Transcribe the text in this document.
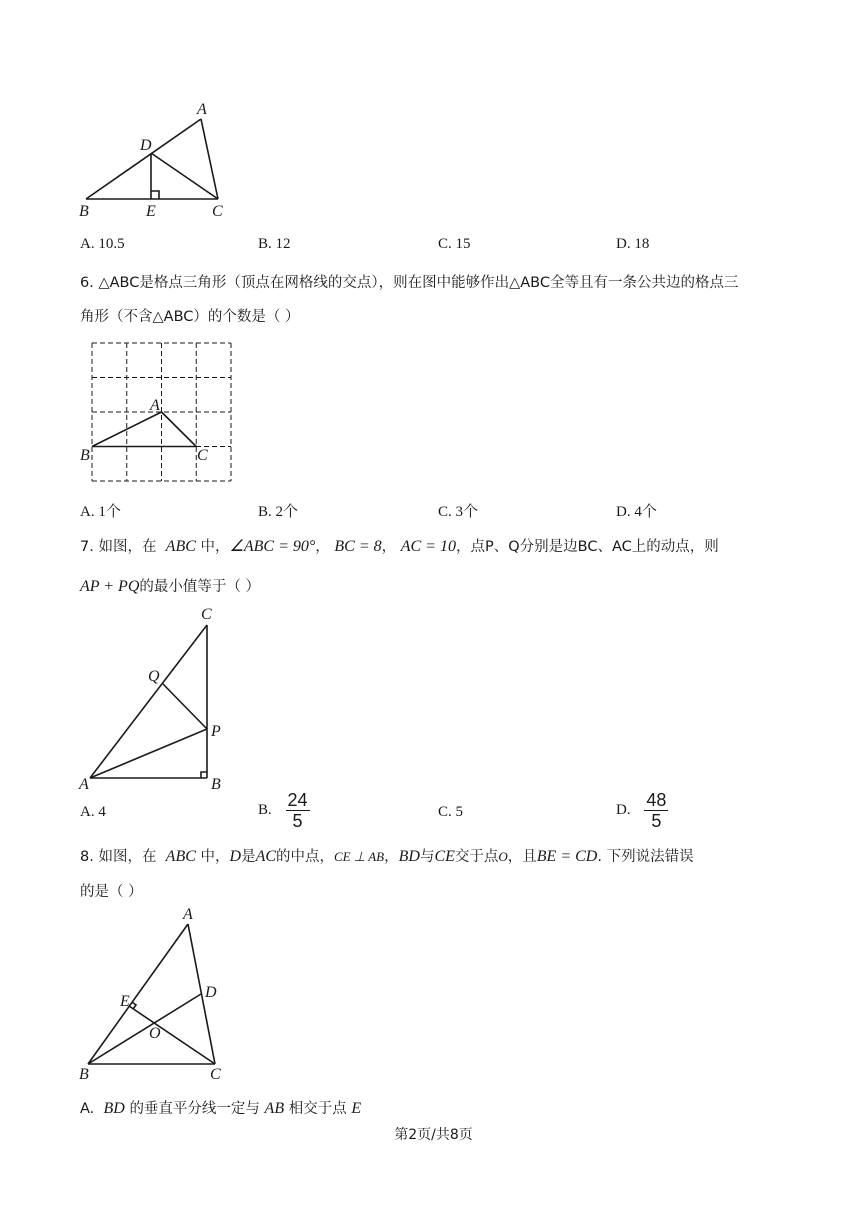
A
D
B	E	C
A. 10.5	B. 12	C. 15	D. 18
6. △ABC是格点三角形（顶点在网格线的交点），则在图中能够作出△ABC全等且有一条公共边的格点三
角形（不含△ABC）的个数是（ ）
A
B	C
A. 1个	B. 2个	C. 3个	D. 4个
7. 如图，在 ABC 中，∠ABC = 90°， BC = 8， AC = 10，点P、Q分别是边BC、AC上的动点，则
AP + PQ的最小值等于（ ）
C
Q
P
A	B
A. 4	B. $\frac{24}{5}$	C. 5	D. $\frac{48}{5}$
8. 如图，在 ABC 中，D是AC的中点，CE ⊥ AB，BD与CE交于点O，且BE = CD. 下列说法错误
的是（ ）
A
D
E
O
B	C
A. BD 的垂直平分线一定与 AB 相交于点 E
第2页/共8页
